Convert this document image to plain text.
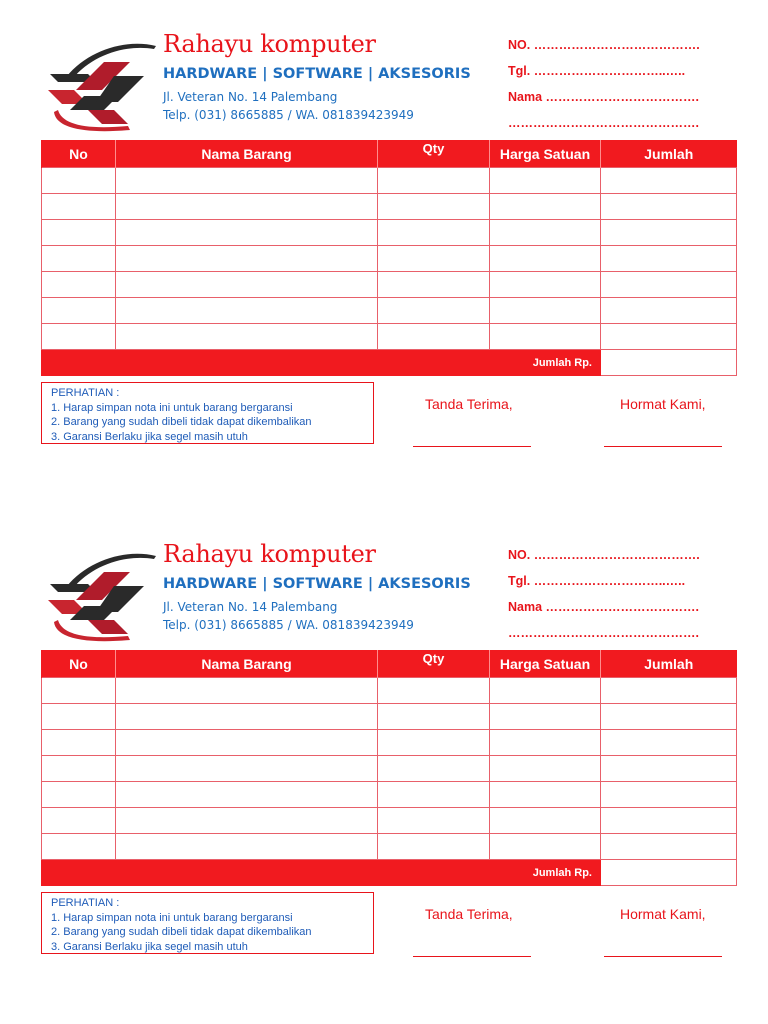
Rahayu komputer
HARDWARE | SOFTWARE | AKSESORIS
Jl. Veteran No. 14 Palembang
Telp. (031) 8665885 / WA. 081839423949
NO. ………………………………….
Tgl. …………………………..…..
Nama ……………………………….
……………………………………….
No	Nama Barang	Qty	Harga Satuan	Jumlah

Jumlah Rp.				
PERHATIAN :
1. Harap simpan nota ini untuk barang bergaransi
2. Barang yang sudah dibeli tidak dapat dikembalikan
3. Garansi Berlaku jika segel masih utuh
Tanda Terima,	Hormat Kami,
Rahayu komputer
HARDWARE | SOFTWARE | AKSESORIS
Jl. Veteran No. 14 Palembang
Telp. (031) 8665885 / WA. 081839423949
NO. ………………………………….
Tgl. …………………………..…..
Nama ……………………………….
……………………………………….
No	Nama Barang	Qty	Harga Satuan	Jumlah

Jumlah Rp.				
PERHATIAN :
1. Harap simpan nota ini untuk barang bergaransi
2. Barang yang sudah dibeli tidak dapat dikembalikan
3. Garansi Berlaku jika segel masih utuh
Tanda Terima,	Hormat Kami,
